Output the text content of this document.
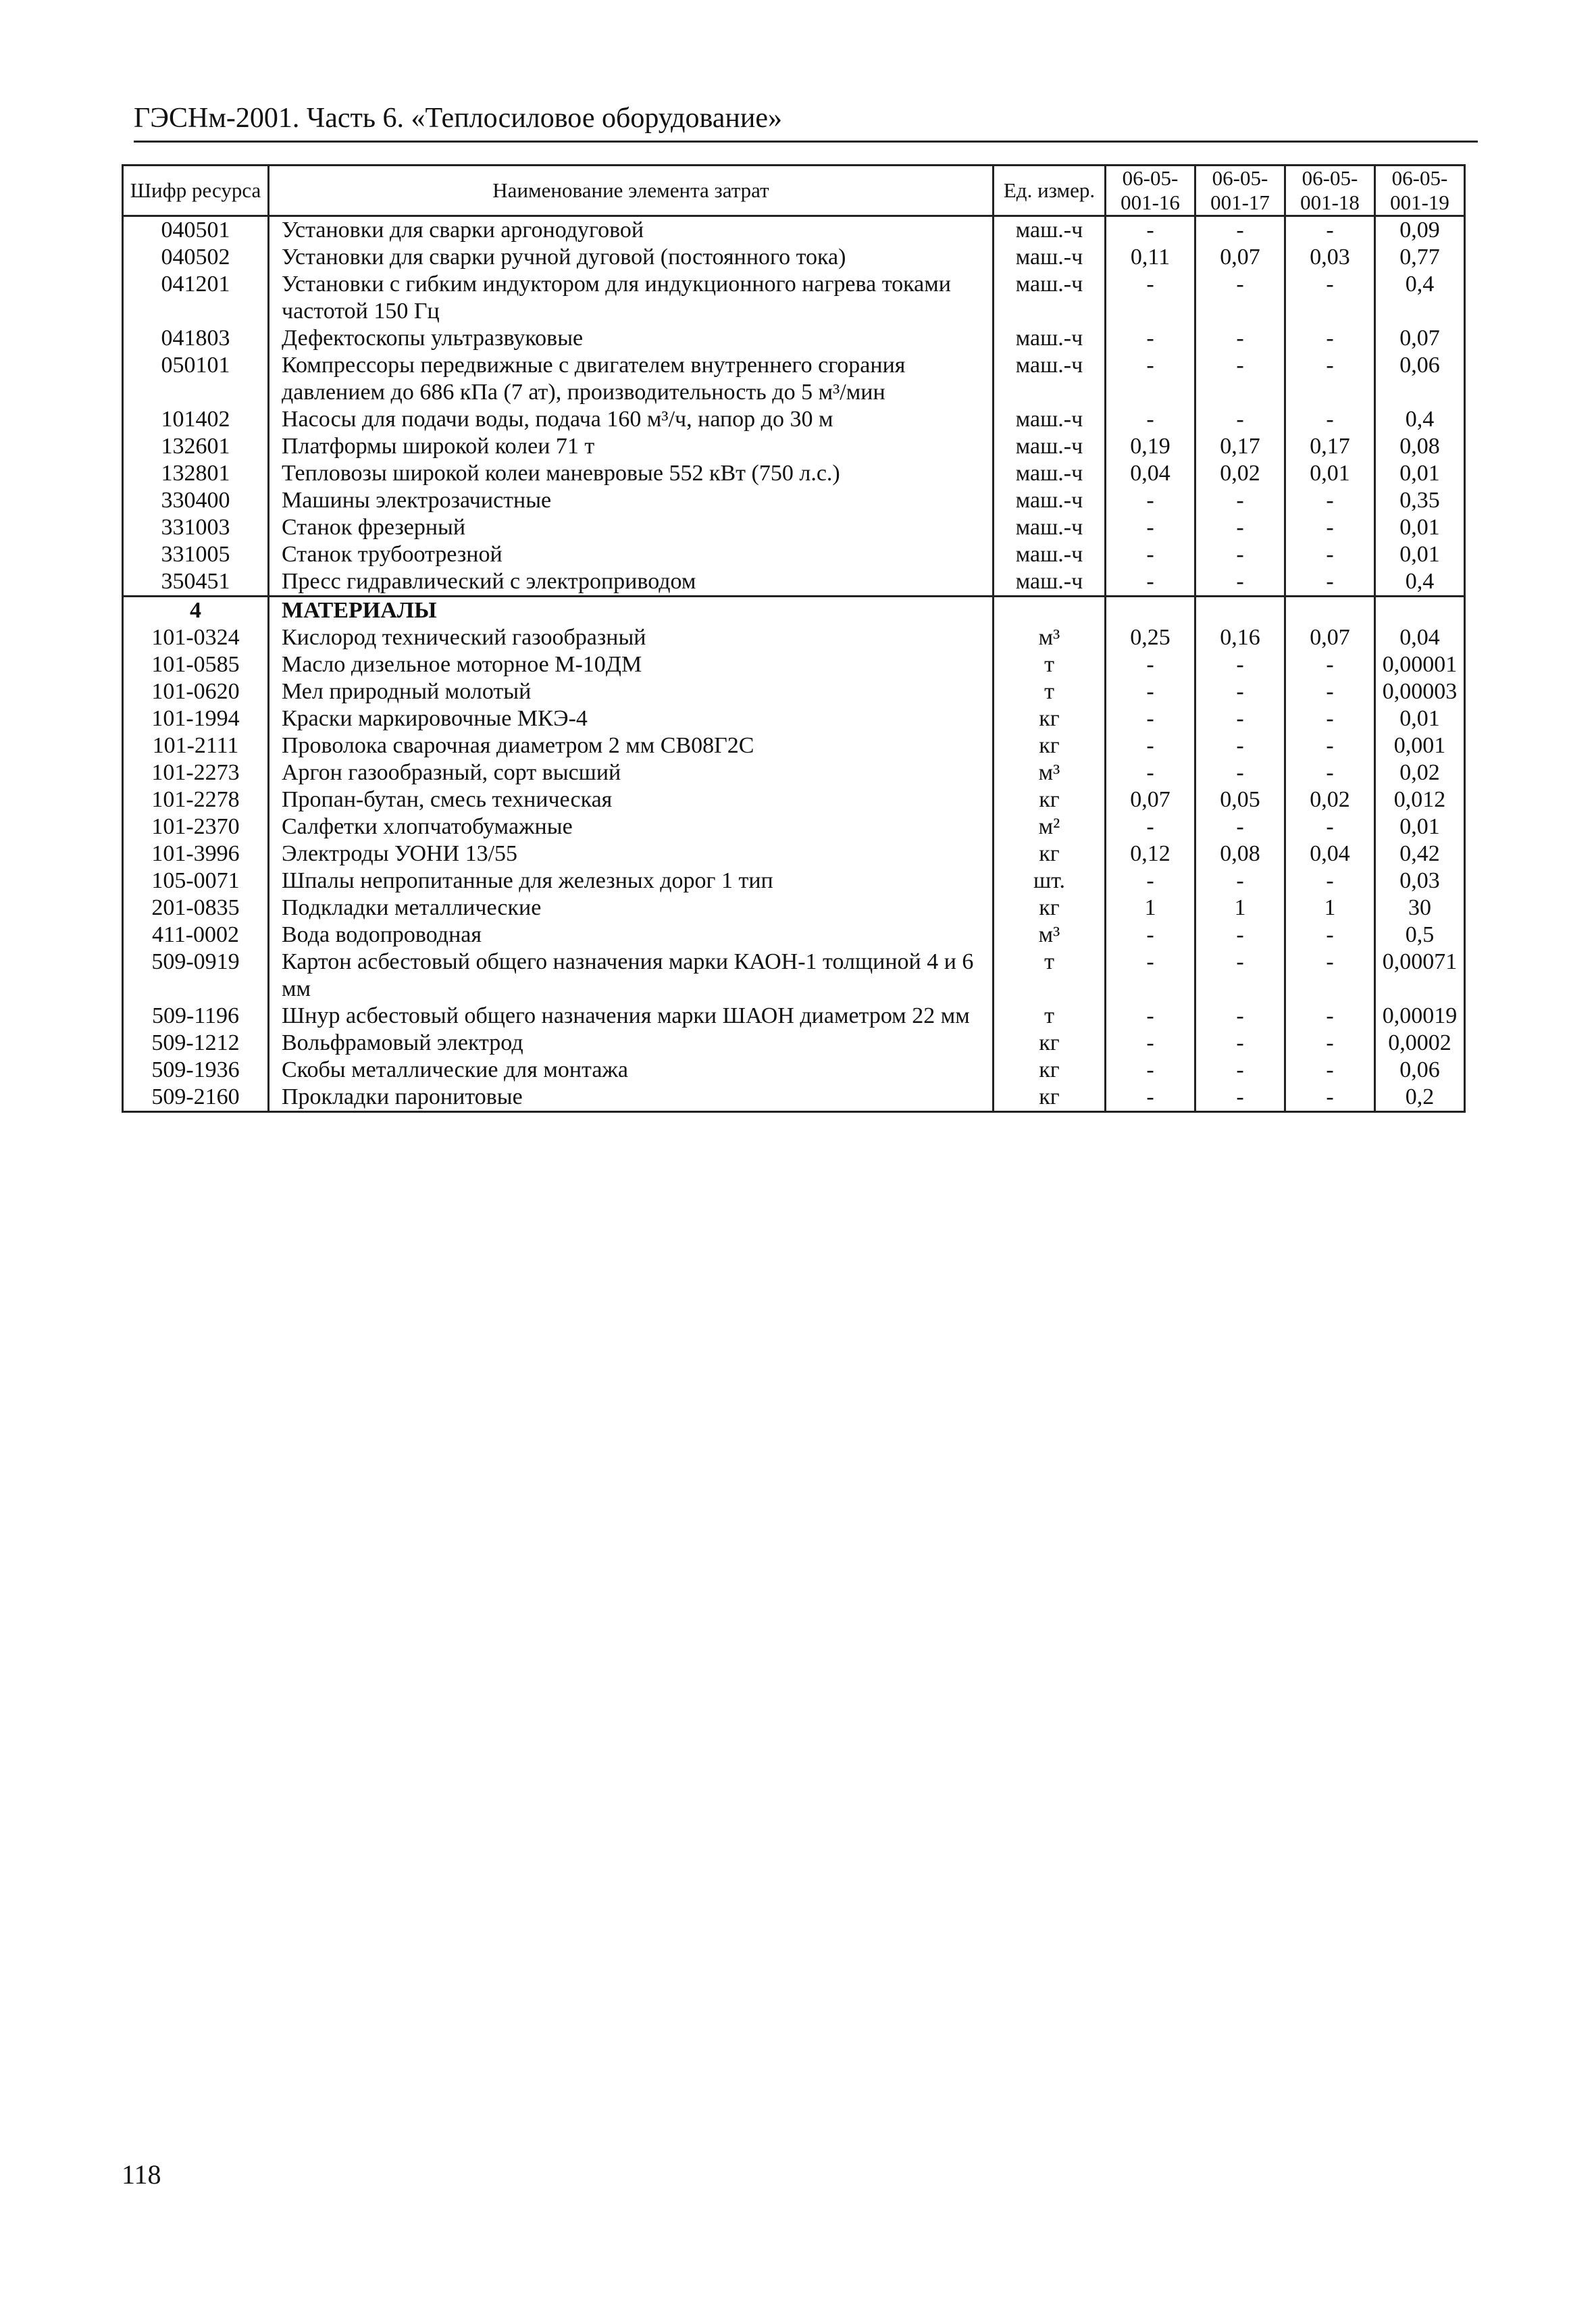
ГЭСНм-2001. Часть 6. «Теплосиловое оборудование»
Шифр ресурса	Наименование элемента затрат	Ед. измер.	06-05-001-16	06-05-001-17	06-05-001-18	06-05-001-19
040501	Установки для сварки аргонодуговой	маш.-ч	-	-	-	0,09
040502	Установки для сварки ручной дуговой (постоянного тока)	маш.-ч	0,11	0,07	0,03	0,77
041201	Установки с гибким индуктором для индукционного нагрева токами частотой 150 Гц	маш.-ч	-	-	-	0,4
041803	Дефектоскопы ультразвуковые	маш.-ч	-	-	-	0,07
050101	Компрессоры передвижные с двигателем внутреннего сгорания давлением до 686 кПа (7 ат), производительность до 5 м³/мин	маш.-ч	-	-	-	0,06
101402	Насосы для подачи воды, подача 160 м³/ч, напор до 30 м	маш.-ч	-	-	-	0,4
132601	Платформы широкой колеи 71 т	маш.-ч	0,19	0,17	0,17	0,08
132801	Тепловозы широкой колеи маневровые 552 кВт (750 л.с.)	маш.-ч	0,04	0,02	0,01	0,01
330400	Машины электрозачистные	маш.-ч	-	-	-	0,35
331003	Станок фрезерный	маш.-ч	-	-	-	0,01
331005	Станок трубоотрезной	маш.-ч	-	-	-	0,01
350451	Пресс гидравлический с электроприводом	маш.-ч	-	-	-	0,4
4	МАТЕРИАЛЫ					
101-0324	Кислород технический газообразный	м³	0,25	0,16	0,07	0,04
101-0585	Масло дизельное моторное М-10ДМ	т	-	-	-	0,00001
101-0620	Мел природный молотый	т	-	-	-	0,00003
101-1994	Краски маркировочные МКЭ-4	кг	-	-	-	0,01
101-2111	Проволока сварочная диаметром 2 мм СВ08Г2С	кг	-	-	-	0,001
101-2273	Аргон газообразный, сорт высший	м³	-	-	-	0,02
101-2278	Пропан-бутан, смесь техническая	кг	0,07	0,05	0,02	0,012
101-2370	Салфетки хлопчатобумажные	м²	-	-	-	0,01
101-3996	Электроды УОНИ 13/55	кг	0,12	0,08	0,04	0,42
105-0071	Шпалы непропитанные для железных дорог 1 тип	шт.	-	-	-	0,03
201-0835	Подкладки металлические	кг	1	1	1	30
411-0002	Вода водопроводная	м³	-	-	-	0,5
509-0919	Картон асбестовый общего назначения марки КАОН-1 толщиной 4 и 6 мм	т	-	-	-	0,00071
509-1196	Шнур асбестовый общего назначения марки ШАОН диаметром 22 мм	т	-	-	-	0,00019
509-1212	Вольфрамовый электрод	кг	-	-	-	0,0002
509-1936	Скобы металлические для монтажа	кг	-	-	-	0,06
509-2160	Прокладки паронитовые	кг	-	-	-	0,2
118
